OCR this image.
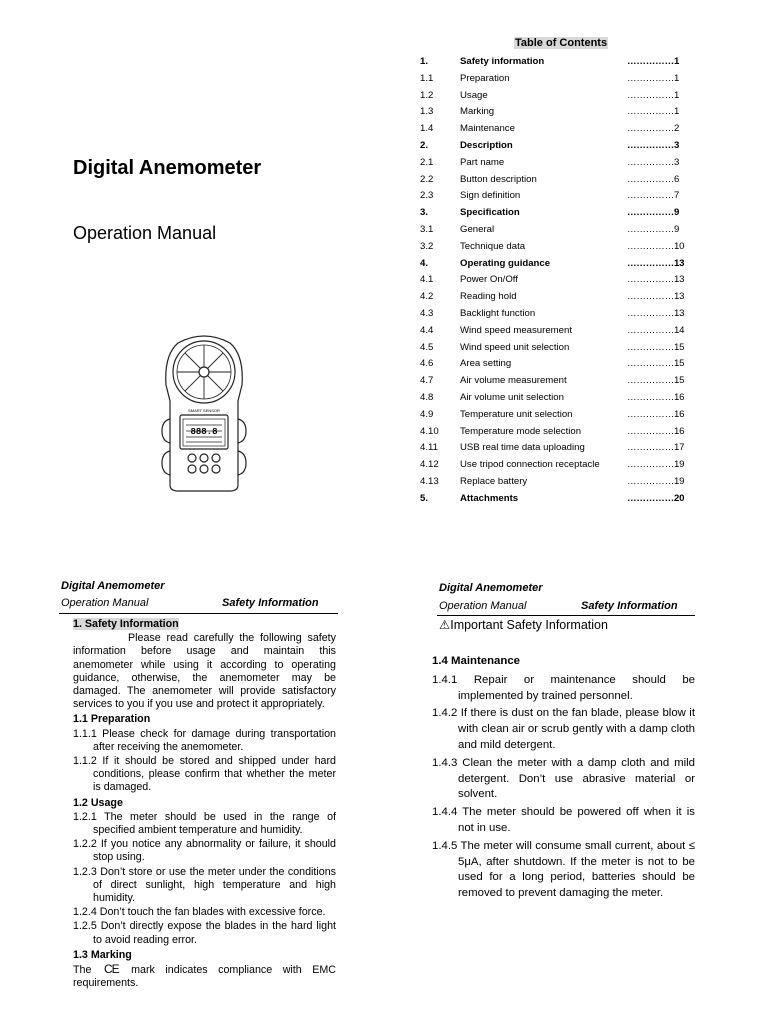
Digital Anemometer
Operation Manual
SMART SENSOR
888.8
Table of Contents
1.	Safety information	……………1
1.1	Preparation	……………1
1.2	Usage	……………1
1.3	Marking	……………1
1.4	Maintenance	……………2
2.	Description	……………3
2.1	Part name	……………3
2.2	Button description	……………6
2.3	Sign definition	……………7
3.	Specification	……………9
3.1	General	……………9
3.2	Technique data	……………10
4.	Operating guidance	……………13
4.1	Power On/Off	……………13
4.2	Reading hold	……………13
4.3	Backlight function	……………13
4.4	Wind speed measurement	……………14
4.5	Wind speed unit selection	……………15
4.6	Area setting	……………15
4.7	Air volume measurement	……………15
4.8	Air volume unit selection	……………16
4.9	Temperature unit selection	……………16
4.10 Temperature mode selection	……………16
4.11 USB real time data uploading	……………17
4.12 Use tripod connection receptacle	……………19
4.13 Replace battery	……………19
5.	Attachments	……………20
Digital Anemometer
Operation Manual	Safety Information

1. Safety Information

Please read carefully the following safety information before usage and maintain this anemometer while using it according to operating guidance, otherwise, the anemometer may be damaged. The anemometer will provide satisfactory services to you if you use and protect it appropriately.

1.1 Preparation

1.1.1 Please check for damage during transportation after receiving the anemometer.

1.1.2 If it should be stored and shipped under hard conditions, please confirm that whether the meter is damaged.

1.2 Usage

1.2.1 The meter should be used in the range of specified ambient temperature and humidity.

1.2.2 If you notice any abnormality or failure, it should stop using.

1.2.3 Don’t store or use the meter under the conditions of direct sunlight, high temperature and high humidity.

1.2.4 Don’t touch the fan blades with excessive force.

1.2.5 Don’t directly expose the blades in the hard light to avoid reading error.

1.3 Marking

The CE mark indicates compliance with EMC requirements.

Digital Anemometer
Operation Manual	Safety Information
⚠Important Safety Information

1.4 Maintenance

1.4.1 Repair or maintenance should be implemented by trained personnel.

1.4.2 If there is dust on the fan blade, please blow it with clean air or scrub gently with a damp cloth and mild detergent.

1.4.3 Clean the meter with a damp cloth and mild detergent. Don’t use abrasive material or solvent.

1.4.4 The meter should be powered off when it is not in use.

1.4.5 The meter will consume small current, about ≤ 5μA, after shutdown. If the meter is not to be used for a long period, batteries should be removed to prevent damaging the meter.
